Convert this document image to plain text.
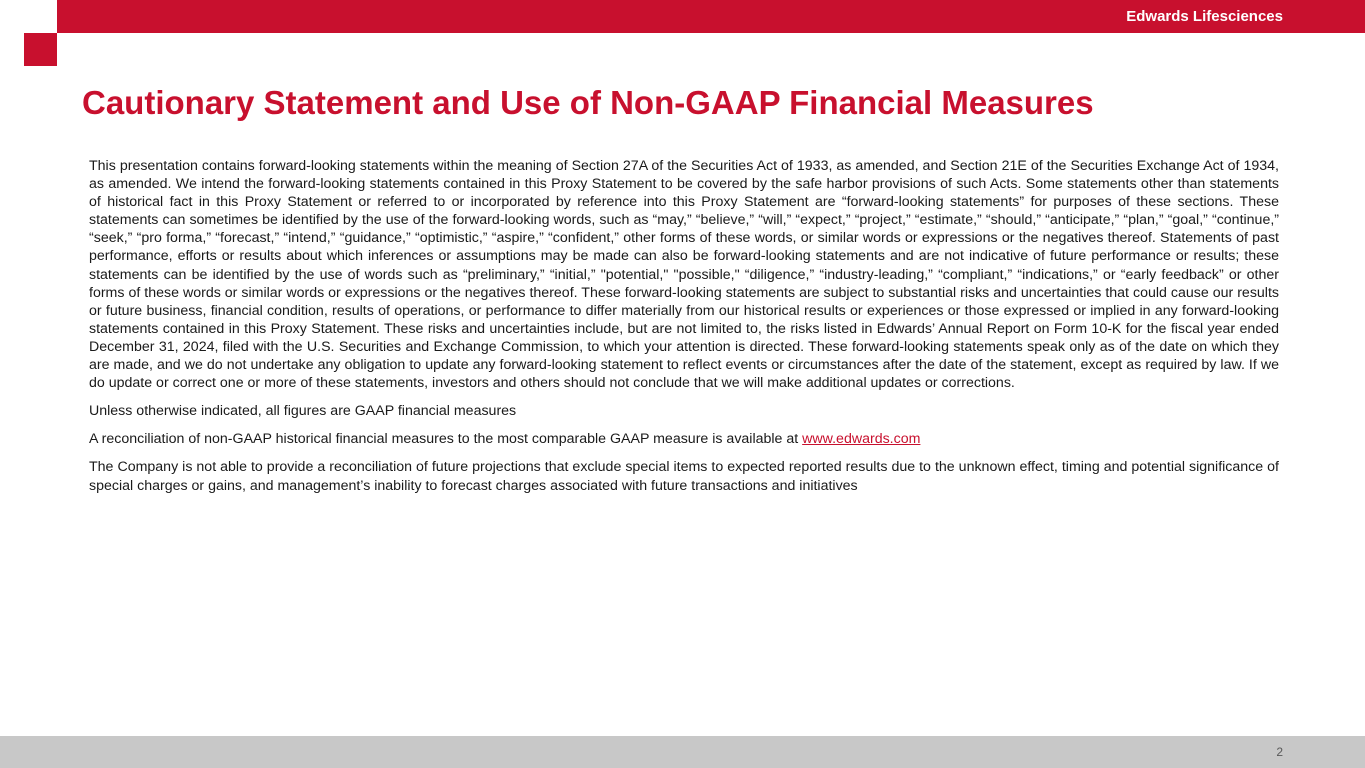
Edwards Lifesciences
Cautionary Statement and Use of Non-GAAP Financial Measures

This presentation contains forward-looking statements within the meaning of Section 27A of the Securities Act of 1933, as amended, and Section 21E of the Securities Exchange Act of 1934, as amended. We intend the forward-looking statements contained in this Proxy Statement to be covered by the safe harbor provisions of such Acts. Some statements other than statements of historical fact in this Proxy Statement or referred to or incorporated by reference into this Proxy Statement are “forward-looking statements” for purposes of these sections. These statements can sometimes be identified by the use of the forward-looking words, such as “may,” “believe,” “will,” “expect,” “project,” “estimate,” “should,” “anticipate,” “plan,” “goal,” “continue,” “seek,” “pro forma,” “forecast,” “intend,” “guidance,” “optimistic,” “aspire,” “confident,” other forms of these words, or similar words or expressions or the negatives thereof. Statements of past performance, efforts or results about which inferences or assumptions may be made can also be forward-looking statements and are not indicative of future performance or results; these statements can be identified by the use of words such as “preliminary,” “initial,” "potential," "possible," “diligence,” “industry-leading,” “compliant,” “indications,” or “early feedback” or other forms of these words or similar words or expressions or the negatives thereof. These forward-looking statements are subject to substantial risks and uncertainties that could cause our results or future business, financial condition, results of operations, or performance to differ materially from our historical results or experiences or those expressed or implied in any forward-looking statements contained in this Proxy Statement. These risks and uncertainties include, but are not limited to, the risks listed in Edwards’ Annual Report on Form 10-K for the fiscal year ended December 31, 2024, filed with the U.S. Securities and Exchange Commission, to which your attention is directed. These forward-looking statements speak only as of the date on which they are made, and we do not undertake any obligation to update any forward-looking statement to reflect events or circumstances after the date of the statement, except as required by law. If we do update or correct one or more of these statements, investors and others should not conclude that we will make additional updates or corrections.

Unless otherwise indicated, all figures are GAAP financial measures

A reconciliation of non-GAAP historical financial measures to the most comparable GAAP measure is available at www.edwards.com

The Company is not able to provide a reconciliation of future projections that exclude special items to expected reported results due to the unknown effect, timing and potential significance of special charges or gains, and management’s inability to forecast charges associated with future transactions and initiatives

2
